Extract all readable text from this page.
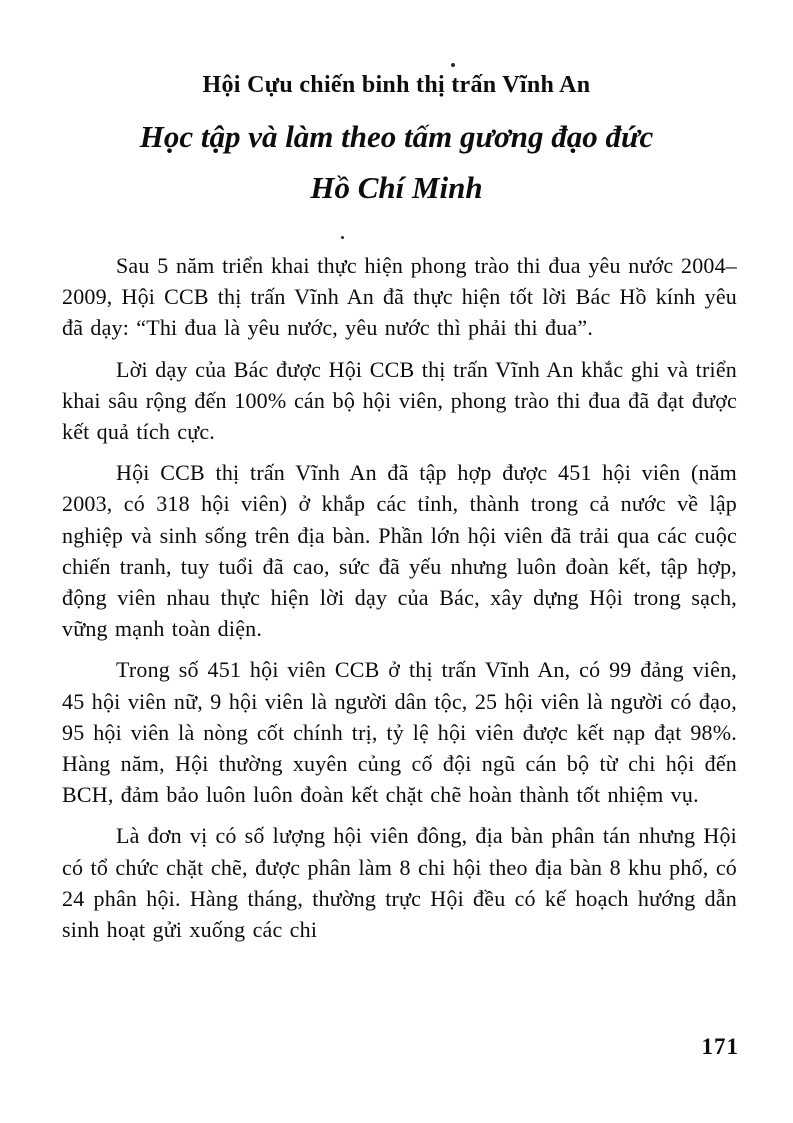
Hội Cựu chiến binh thị trấn Vĩnh An
Học tập và làm theo tấm gương đạo đức
Hồ Chí Minh

Sau 5 năm triển khai thực hiện phong trào thi đua yêu nước 2004–2009, Hội CCB thị trấn Vĩnh An đã thực hiện tốt lời Bác Hồ kính yêu đã dạy: “Thi đua là yêu nước, yêu nước thì phải thi đua”.

Lời dạy của Bác được Hội CCB thị trấn Vĩnh An khắc ghi và triển khai sâu rộng đến 100% cán bộ hội viên, phong trào thi đua đã đạt được kết quả tích cực.

Hội CCB thị trấn Vĩnh An đã tập hợp được 451 hội viên (năm 2003, có 318 hội viên) ở khắp các tỉnh, thành trong cả nước về lập nghiệp và sinh sống trên địa bàn. Phần lớn hội viên đã trải qua các cuộc chiến tranh, tuy tuổi đã cao, sức đã yếu nhưng luôn đoàn kết, tập hợp, động viên nhau thực hiện lời dạy của Bác, xây dựng Hội trong sạch, vững mạnh toàn diện.

Trong số 451 hội viên CCB ở thị trấn Vĩnh An, có 99 đảng viên, 45 hội viên nữ, 9 hội viên là người dân tộc, 25 hội viên là người có đạo, 95 hội viên là nòng cốt chính trị, tỷ lệ hội viên được kết nạp đạt 98%. Hàng năm, Hội thường xuyên củng cố đội ngũ cán bộ từ chi hội đến BCH, đảm bảo luôn luôn đoàn kết chặt chẽ hoàn thành tốt nhiệm vụ.

Là đơn vị có số lượng hội viên đông, địa bàn phân tán nhưng Hội có tổ chức chặt chẽ, được phân làm 8 chi hội theo địa bàn 8 khu phố, có 24 phân hội. Hàng tháng, thường trực Hội đều có kế hoạch hướng dẫn sinh hoạt gửi xuống các chi

171
